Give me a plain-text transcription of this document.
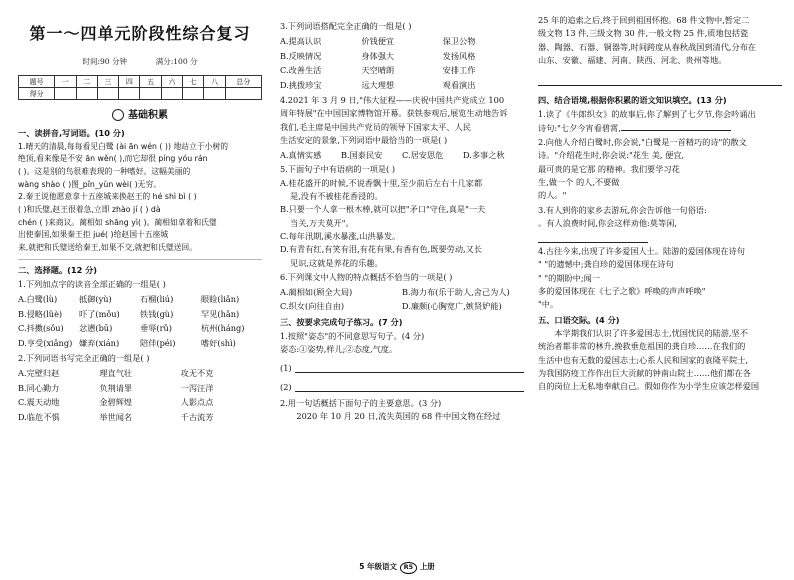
第一～四单元阶段性综合复习
时间:90 分钟	满分:100 分
题号	一	二	三	四	五	六	七	八	总分
得分									
基础积累
一、读拼音,写词语。(10 分)

1.晴天的清晨,每每看见白鹭 (ài ān wén ( )) 地站立于小树的

绝顶,看来像是不安 ān wěn( ),而它却很 píng yóu rán

( )。这是别的鸟很难表现的一种嗜好。这幅美丽的

wàng shào ( )图_pǐn_yùn wèi( )无穷。

2.秦王说他愿意拿十五座城来换赵王的 hé shì bì ( )

( )和氏璧,赵王很着急,立即 zhào jí ( ) dà

chén ( )来商议。蔺相如 shāng yì( )。蔺相如拿着和氏璧

出使秦国,如果秦王拒 jué( )给赵国十五座城

来,就把和氏璧送给秦王,如果不交,就把和氏璧送回。

二、选择题。(12 分)

1.下列加点字的读音全部正确的一组是( )

A.白鹭(lù)	抵御(yù)	石榴(liú)	眼睑(liǎn)
B.侵略(lüè)	吓了(mǒu)	铁钱(gù)	罕见(hǎn)
C.抖擞(sǒu)	忿懑(bū)	垂辱(rǔ)	杭州(háng)
D.亨受(xiǎng) 嫌弃(xián)	陪伴(péi)	嗜好(shì)

2.下列词语书写完全正确的一组是( )

A.完壁归赵	理直气壮	攻无不克
B.同心勤力	负荆请罪	一泻汪洋
C.震天动地	金碧辉煌	人影点点
D.临危不惧	举世闻名	千古流芳

3.下列词语搭配完全正确的一组是( )

A.提高认识	价钱便宜	保卫公物
B.反映情况	身体强大	发扬风格
C.改善生活	天空晴朗	安排工作
D.挑拨珍宝	远大理想	观看演出

4.2021 年 3 月 9 日,"伟大征程——庆祝中国共产党成立 100

周年特展"在中国国家博物馆开幕。获铁参观后,展览生动地告诉

我们,毛主席是中国共产党员的领导下国家太平、人民

生活安定的景象,下列词语中最恰当的一项是( )

A.真情实感	B.国泰民安	C.居安思危	D.多事之秋

5.下面句子中有语病的一项是( )

A.桂花盛开的时候,不说香飘十里,至少前后左右十几家都

是,没有不被桂花香浸的。

B.只要一个人拿一根木棒,就可以把"矛口"守住,真是"一夫

当关,万夫莫开"。

C.每年汛期,溪水暴涨,山洪暴发。

D.有青有红,有笑有泪,有花有果,有香有色,既要劳动,又长

见识,这就是养花的乐趣。

6.下列课文中人物的特点概括不恰当的一项是( )

A.蔺相如(顾全大局)	B.海力布(乐于助人,舍己为人)
C.织女(向往自由)	D.廉颇(心胸宽广,嫉贤妒能)
三、按要求完成句子练习。(7 分)

1.按照"姿态"的不同意思写句子。(4 分)

姿态:①姿势,样儿;②态度,气度。

(1)
(2)

2.用一句话概括下面句子的主要意思。(3 分)

2020 年 10 月 20 日,流失英国的 68 件中国文物在经过

25 年的追索之后,终于回到祖国怀抱。68 件文物中,暂定二

级文物 13 件,三级文物 30 件,一般文物 25 件,质地包括瓷

器、陶器、石器、铜器等,时间跨度从春秋战国到清代,分布在

山东、安徽、福建、河南、陕西、河北、贵州等地。

四、结合语境,根据你积累的语文知识填空。(13 分)

1.读了《牛郎织女》的故事后,你了解到了七夕节,你会吟诵出

诗句:"七夕今宵看碧霄,

2.向他人介绍白鹭时,你会说,"白鹭是一首精巧的诗"的散文

诗。"介绍花生时,你会说:"花生 美, 便宜,

最可贵的是它那 的精神。我们要学习花

生,做一个 的人,不要做

的人。"

3.有人到你的家乡去游玩,你会告诉他一句俗语:

。有人浪费时间,你会这样劝他:莫等闲,

4.古往今来,出现了许多爱国人士。陆游的爱国体现在诗句

" "的遗憾中;龚自珍的爱国体现在诗句

" "的期盼中;闻一

多的爱国体现在《七子之歌》呼唤的声声呼唤"

"中。

五、口语交际。(4 分)

本学期我们认识了许多爱国志士,忧国忧民的陆游,坚不

统治者都非常的林升,挽救垂危祖国的龚自珍……在我们的

生活中也有无数的爱国志士;心系人民和国家的袁隆平院士,

为我国防疫工作作出巨大贡献的钟南山院士……他们都在各

自的岗位上无私地奉献自己。假如你作为小学生应该怎样爱国

5 年级语文 R5 上册
